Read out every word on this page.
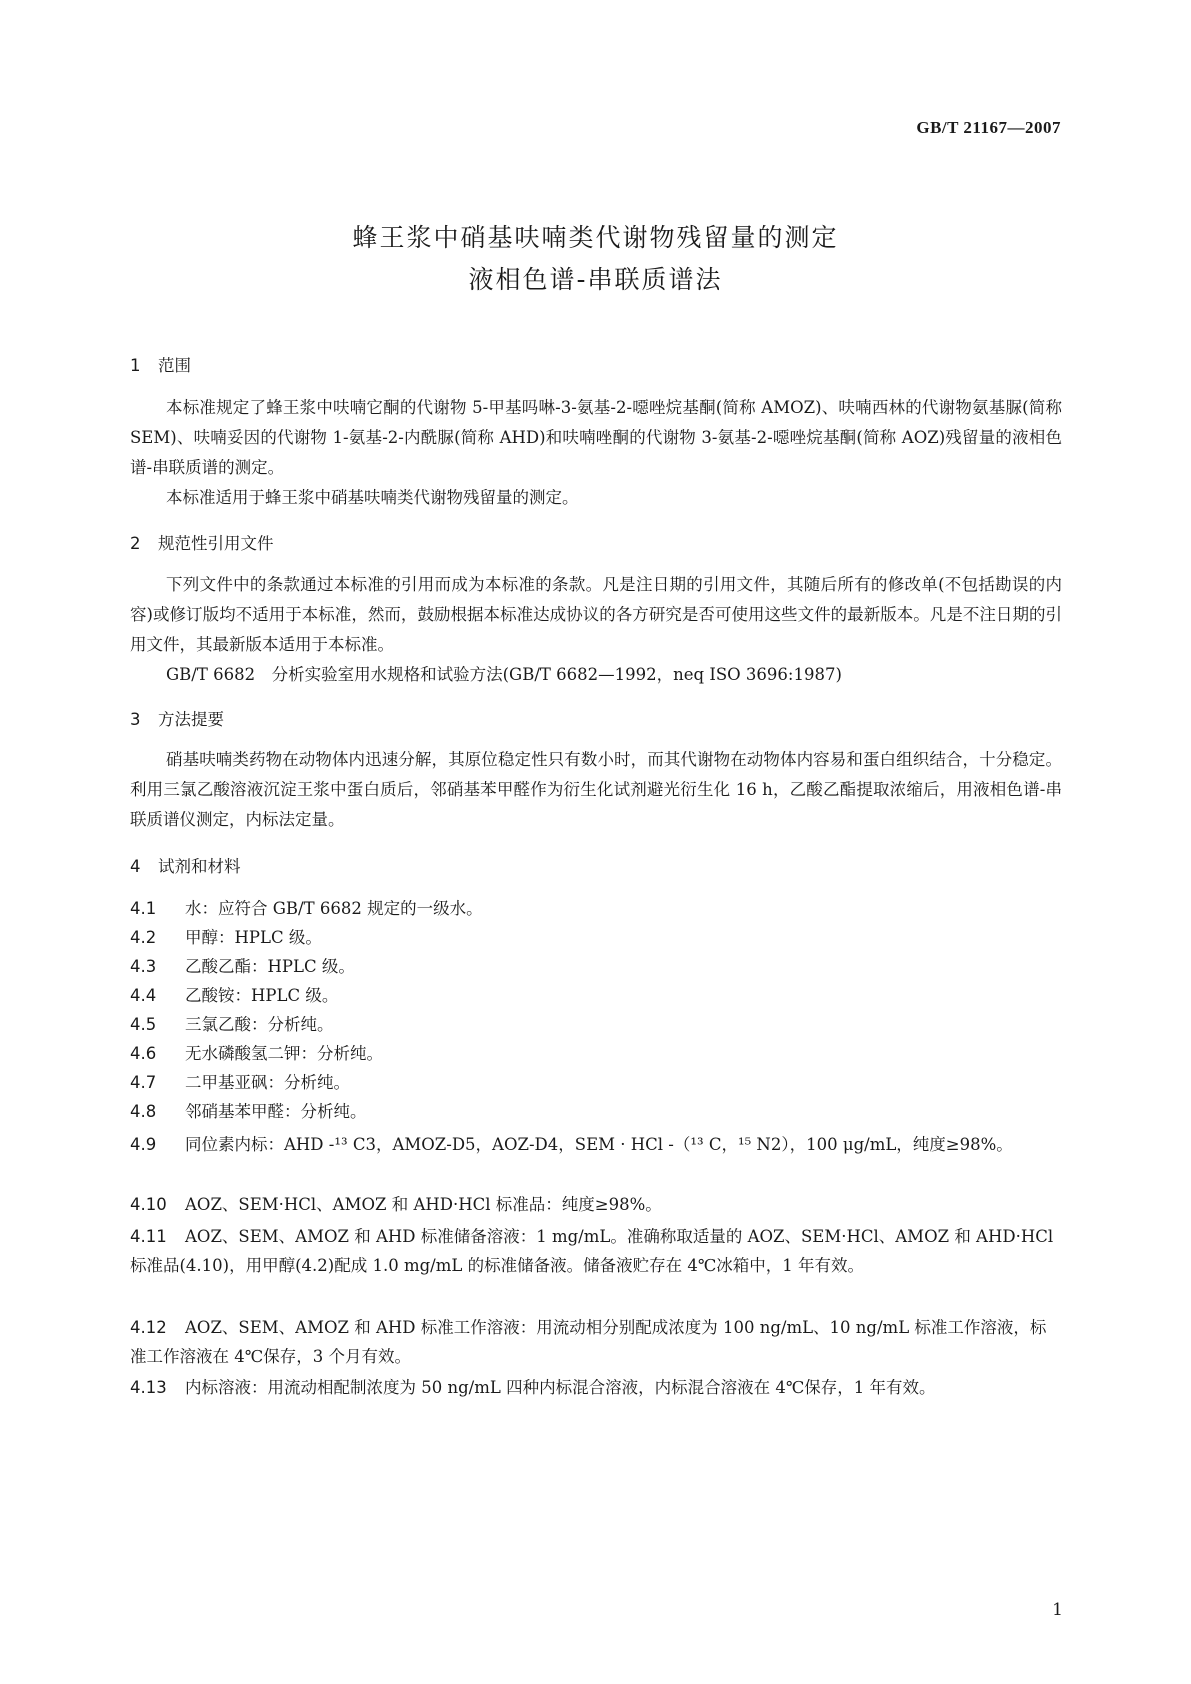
GB/T 21167—2007
蜂王浆中硝基呋喃类代谢物残留量的测定
液相色谱-串联质谱法
1 范围
本标准规定了蜂王浆中呋喃它酮的代谢物 5-甲基吗啉-3-氨基-2-噁唑烷基酮(简称 AMOZ)、呋喃西林的代谢物氨基脲(简称 SEM)、呋喃妥因的代谢物 1-氨基-2-内酰脲(简称 AHD)和呋喃唑酮的代谢物 3-氨基-2-噁唑烷基酮(简称 AOZ)残留量的液相色谱-串联质谱的测定。
本标准适用于蜂王浆中硝基呋喃类代谢物残留量的测定。
2 规范性引用文件
下列文件中的条款通过本标准的引用而成为本标准的条款。凡是注日期的引用文件，其随后所有的修改单(不包括勘误的内容)或修订版均不适用于本标准，然而，鼓励根据本标准达成协议的各方研究是否可使用这些文件的最新版本。凡是不注日期的引用文件，其最新版本适用于本标准。
GB/T 6682　分析实验室用水规格和试验方法(GB/T 6682—1992，neq ISO 3696:1987)
3 方法提要
硝基呋喃类药物在动物体内迅速分解，其原位稳定性只有数小时，而其代谢物在动物体内容易和蛋白组织结合，十分稳定。利用三氯乙酸溶液沉淀王浆中蛋白质后，邻硝基苯甲醛作为衍生化试剂避光衍生化 16 h，乙酸乙酯提取浓缩后，用液相色谱-串联质谱仪测定，内标法定量。
4 试剂和材料
4.1 水：应符合 GB/T 6682 规定的一级水。
4.2 甲醇：HPLC 级。
4.3 乙酸乙酯：HPLC 级。
4.4 乙酸铵：HPLC 级。
4.5 三氯乙酸：分析纯。
4.6 无水磷酸氢二钾：分析纯。
4.7 二甲基亚砜：分析纯。
4.8 邻硝基苯甲醛：分析纯。
4.9 同位素内标：AHD -¹³ C3，AMOZ-D5，AOZ-D4，SEM · HCl -（¹³ C，¹⁵ N2），100 μg/mL，纯度≥98%。
4.10 AOZ、SEM·HCl、AMOZ 和 AHD·HCl 标准品：纯度≥98%。
4.11 AOZ、SEM、AMOZ 和 AHD 标准储备溶液：1 mg/mL。准确称取适量的 AOZ、SEM·HCl、AMOZ 和 AHD·HCl 标准品(4.10)，用甲醇(4.2)配成 1.0 mg/mL 的标准储备液。储备液贮存在 4℃冰箱中，1 年有效。
4.12 AOZ、SEM、AMOZ 和 AHD 标准工作溶液：用流动相分别配成浓度为 100 ng/mL、10 ng/mL 标准工作溶液，标准工作溶液在 4℃保存，3 个月有效。
4.13 内标溶液：用流动相配制浓度为 50 ng/mL 四种内标混合溶液，内标混合溶液在 4℃保存，1 年有效。
1
